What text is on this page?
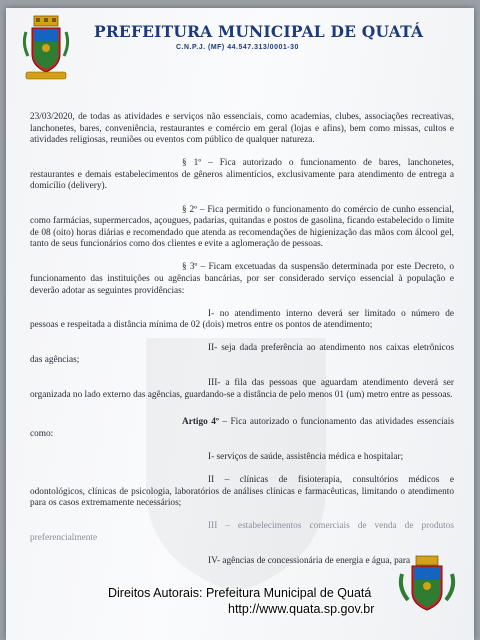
PREFEITURA MUNICIPAL DE QUATÁ
C.N.P.J. (MF) 44.547.313/0001-30

23/03/2020, de todas as atividades e serviços não essenciais, como academias, clubes, associações recreativas, lanchonetes, bares, conveniência, restaurantes e comércio em geral (lojas e afins), bem como missas, cultos e atividades religiosas, reuniões ou eventos com público de qualquer natureza.

§ 1º – Fica autorizado o funcionamento de bares, lanchonetes, restaurantes e demais estabelecimentos de gêneros alimentícios, exclusivamente para atendimento de entrega a domicílio (delivery).

§ 2º – Fica permitido o funcionamento do comércio de cunho essencial, como farmácias, supermercados, açougues, padarias, quitandas e postos de gasolina, ficando estabelecido o limite de 08 (oito) horas diárias e recomendado que atenda as recomendações de higienização das mãos com álcool gel, tanto de seus funcionários como dos clientes e evite a aglomeração de pessoas.

§ 3º – Ficam excetuadas da suspensão determinada por este Decreto, o funcionamento das instituições ou agências bancárias, por ser considerado serviço essencial à população e deverão adotar as seguintes providências:

I- no atendimento interno deverá ser limitado o número de pessoas e respeitada a distância mínima de 02 (dois) metros entre os pontos de atendimento;

II- seja dada preferência ao atendimento nos caixas eletrônicos das agências;

III- a fila das pessoas que aguardam atendimento deverá ser organizada no lado externo das agências, guardando-se a distância de pelo menos 01 (um) metro entre as pessoas.

Artigo 4º – Fica autorizado o funcionamento das atividades essenciais como:

I- serviços de saúde, assistência médica e hospitalar;

II – clínicas de fisioterapia, consultórios médicos e odontológicos, clínicas de psicologia, laboratórios de análises clínicas e farmacêuticas, limitando o atendimento para os casos extremamente necessários;

III – estabelecimentos comerciais de venda de produtos preferencialmente

IV- agências de concessionária de energia e água, para

Direitos Autorais: Prefeitura Municipal de Quatá
http://www.quata.sp.gov.br
